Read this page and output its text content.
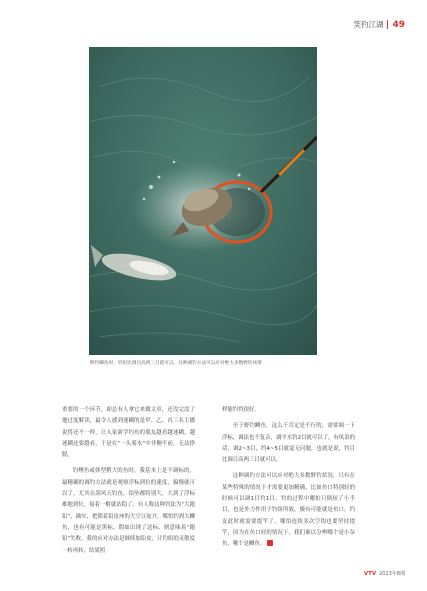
笑钓江湖 49
野钓鲫鱼时，钓组比调目高两三目就可以。这种调钓方法可以应对绝大多数野钓场情

重要的一个环节，却总有人拿它来做文章，还没完没了地过度解读，最令人感到迷糊的是甲、乙、丙三名主播说得还不一样，让入家新学钓鱼的朋友越看越迷糊，越迷糊还要越看，于是在“一头雾水”中非侧不前，无法挣脱。

钓鲤鱼或体型稍大的鱼时，我基本上是不调标的，最精确的调钓方法就是观察浮标到位的速度，偏慢就可以了，尤其在刮风天钓鱼，铅坠都特别大，大到了浮标难地到位，接着一解就站稳了。有人称这种钓法为“大跑铅”，确实，把锁着铅皮座的大空豆砣开，哪怕钓到大鲫鱼，也有可能是黑标，假如出现了送标、则意味着“跑铅”失败，我的应对办法是继续加铅皮，让钓组的灵敏度一转再转，结果照

样能钓得很好。

至于野钓鲫鱼，这么干肯定是不行的，需要调一下浮标，调法也不复杂，调平水钓2目就可以了，有风浪的话，调2~3目，约4~5目就毫无问题，也就是说，钓目比调目高两三目就可以。

这种调钓方法可以应对绝大多数野钓状况，只有在某些特殊的情况下才需要更加精确，比如鱼口特别轻的时候可以调1目钓1目，钓的过程中哪怕只倒短了小半目，也是外力作用于钓组所致，极有可能就是鱼口，钓友此时就需要提竿了，哪怕连续多次空钩也要坚持提竿，因为在鱼口轻的情况下，我们难以分辨哪个是小杂鱼，哪个是鲫鱼。

VTV 2023年8期
